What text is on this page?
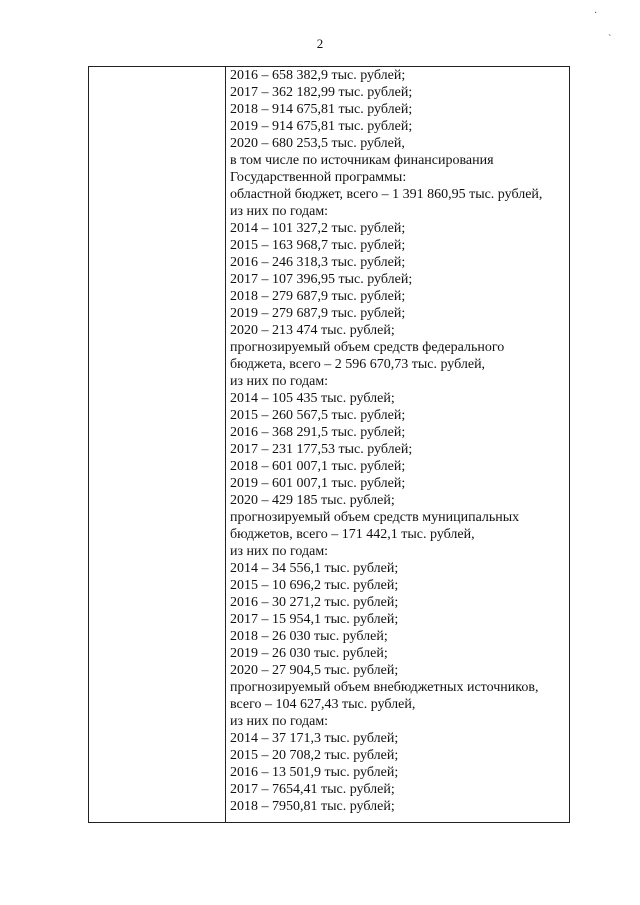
·
`
2
2016 – 658 382,9 тыс. рублей;
2017 – 362 182,99 тыс. рублей;
2018 – 914 675,81 тыс. рублей;
2019 – 914 675,81 тыс. рублей;
2020 – 680 253,5 тыс. рублей,
в том числе по источникам финансирования
Государственной программы:
областной бюджет, всего – 1 391 860,95 тыс. рублей,
из них по годам:
2014 – 101 327,2 тыс. рублей;
2015 – 163 968,7 тыс. рублей;
2016 – 246 318,3 тыс. рублей;
2017 – 107 396,95 тыс. рублей;
2018 – 279 687,9 тыс. рублей;
2019 – 279 687,9 тыс. рублей;
2020 – 213 474 тыс. рублей;
прогнозируемый объем средств федерального
бюджета, всего – 2 596 670,73 тыс. рублей,
из них по годам:
2014 – 105 435 тыс. рублей;
2015 – 260 567,5 тыс. рублей;
2016 – 368 291,5 тыс. рублей;
2017 – 231 177,53 тыс. рублей;
2018 – 601 007,1 тыс. рублей;
2019 – 601 007,1 тыс. рублей;
2020 – 429 185 тыс. рублей;
прогнозируемый объем средств муниципальных
бюджетов, всего – 171 442,1 тыс. рублей,
из них по годам:
2014 – 34 556,1 тыс. рублей;
2015 – 10 696,2 тыс. рублей;
2016 – 30 271,2 тыс. рублей;
2017 – 15 954,1 тыс. рублей;
2018 – 26 030 тыс. рублей;
2019 – 26 030 тыс. рублей;
2020 – 27 904,5 тыс. рублей;
прогнозируемый объем внебюджетных источников,
всего – 104 627,43 тыс. рублей,
из них по годам:
2014 – 37 171,3 тыс. рублей;
2015 – 20 708,2 тыс. рублей;
2016 – 13 501,9 тыс. рублей;
2017 – 7654,41 тыс. рублей;
2018 – 7950,81 тыс. рублей;
